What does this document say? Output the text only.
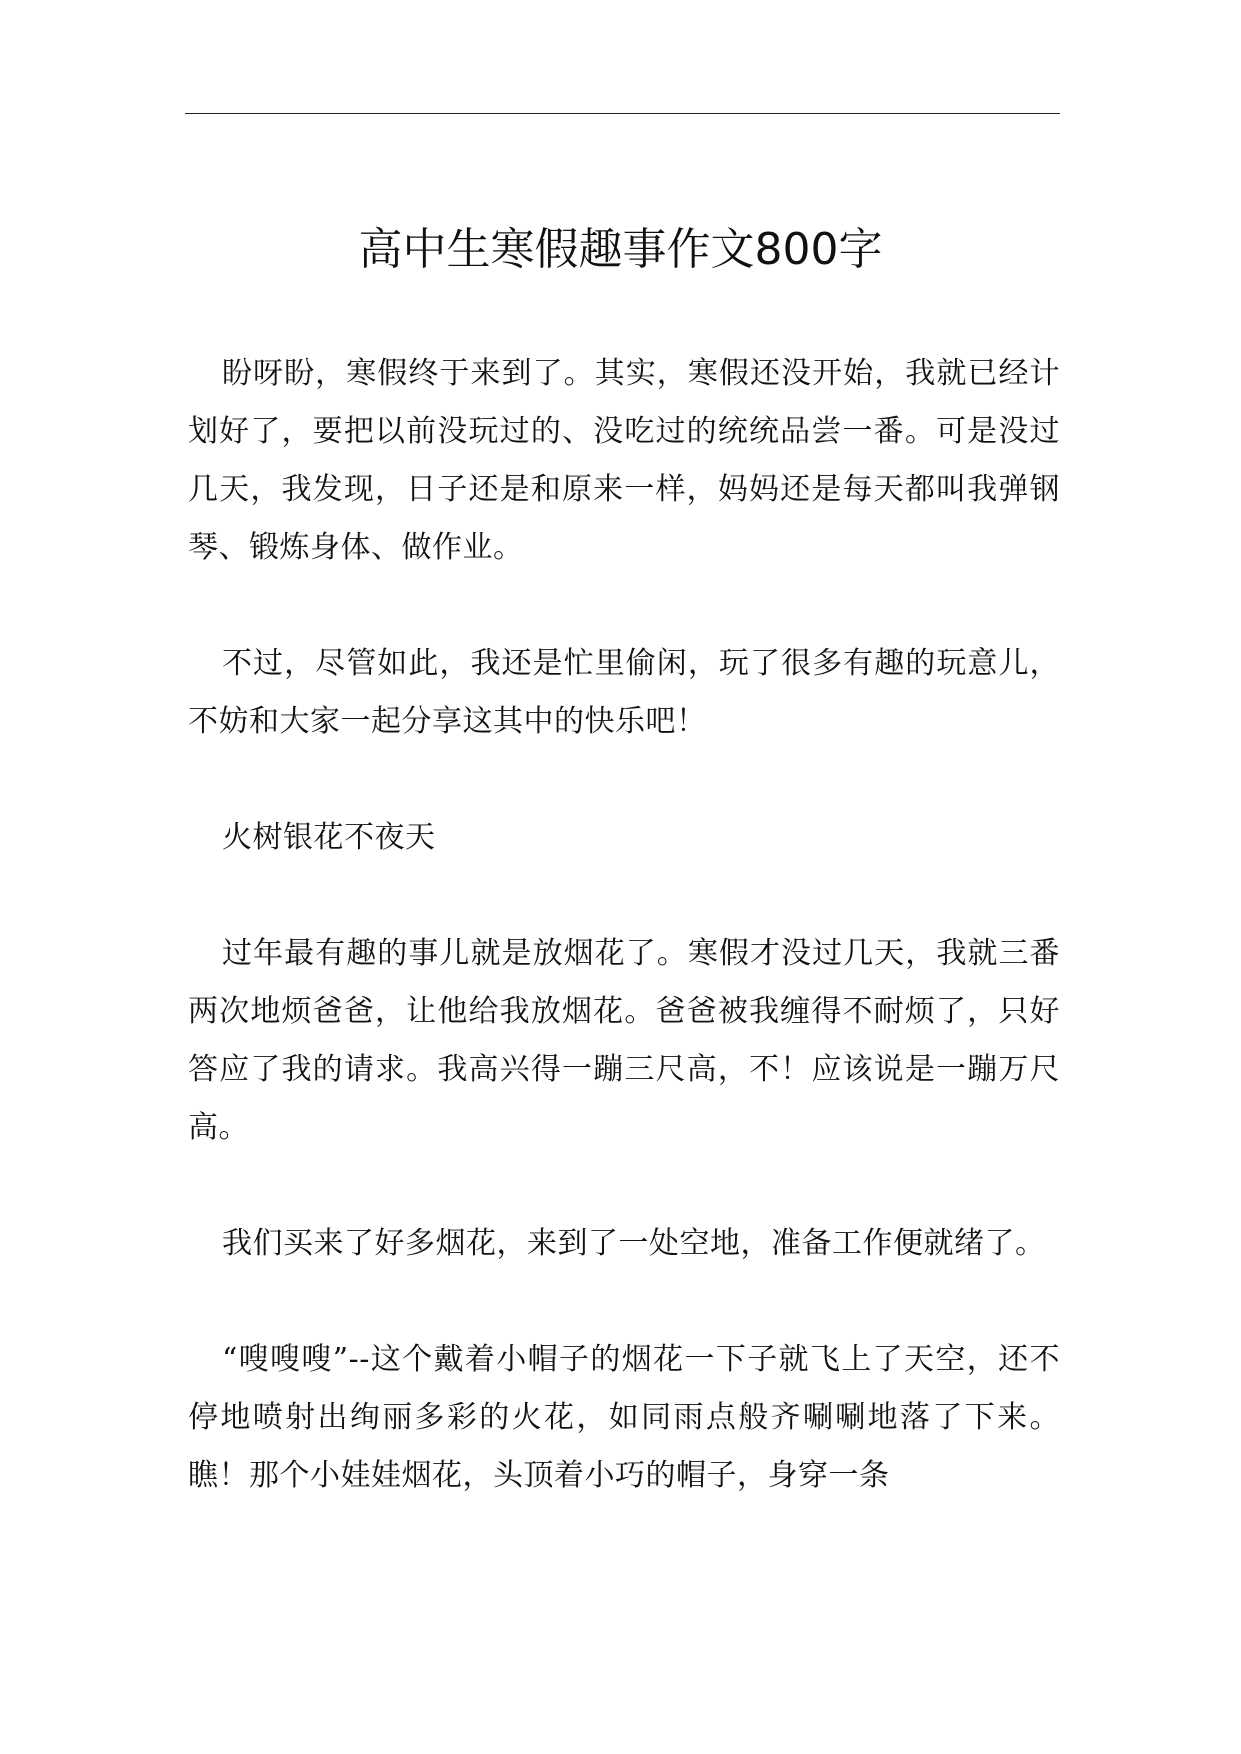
高中生寒假趣事作文800字

盼呀盼，寒假终于来到了。其实，寒假还没开始，我就已经计划好了，要把以前没玩过的、没吃过的统统品尝一番。可是没过几天，我发现，日子还是和原来一样，妈妈还是每天都叫我弹钢琴、锻炼身体、做作业。

不过，尽管如此，我还是忙里偷闲，玩了很多有趣的玩意儿，不妨和大家一起分享这其中的快乐吧！

火树银花不夜天

过年最有趣的事儿就是放烟花了。寒假才没过几天，我就三番两次地烦爸爸，让他给我放烟花。爸爸被我缠得不耐烦了，只好答应了我的请求。我高兴得一蹦三尺高，不！应该说是一蹦万尺高。

我们买来了好多烟花，来到了一处空地，准备工作便就绪了。

“嗖嗖嗖”--这个戴着小帽子的烟花一下子就飞上了天空，还不停地喷射出绚丽多彩的火花，如同雨点般齐唰唰地落了下来。瞧！那个小娃娃烟花，头顶着小巧的帽子，身穿一条
